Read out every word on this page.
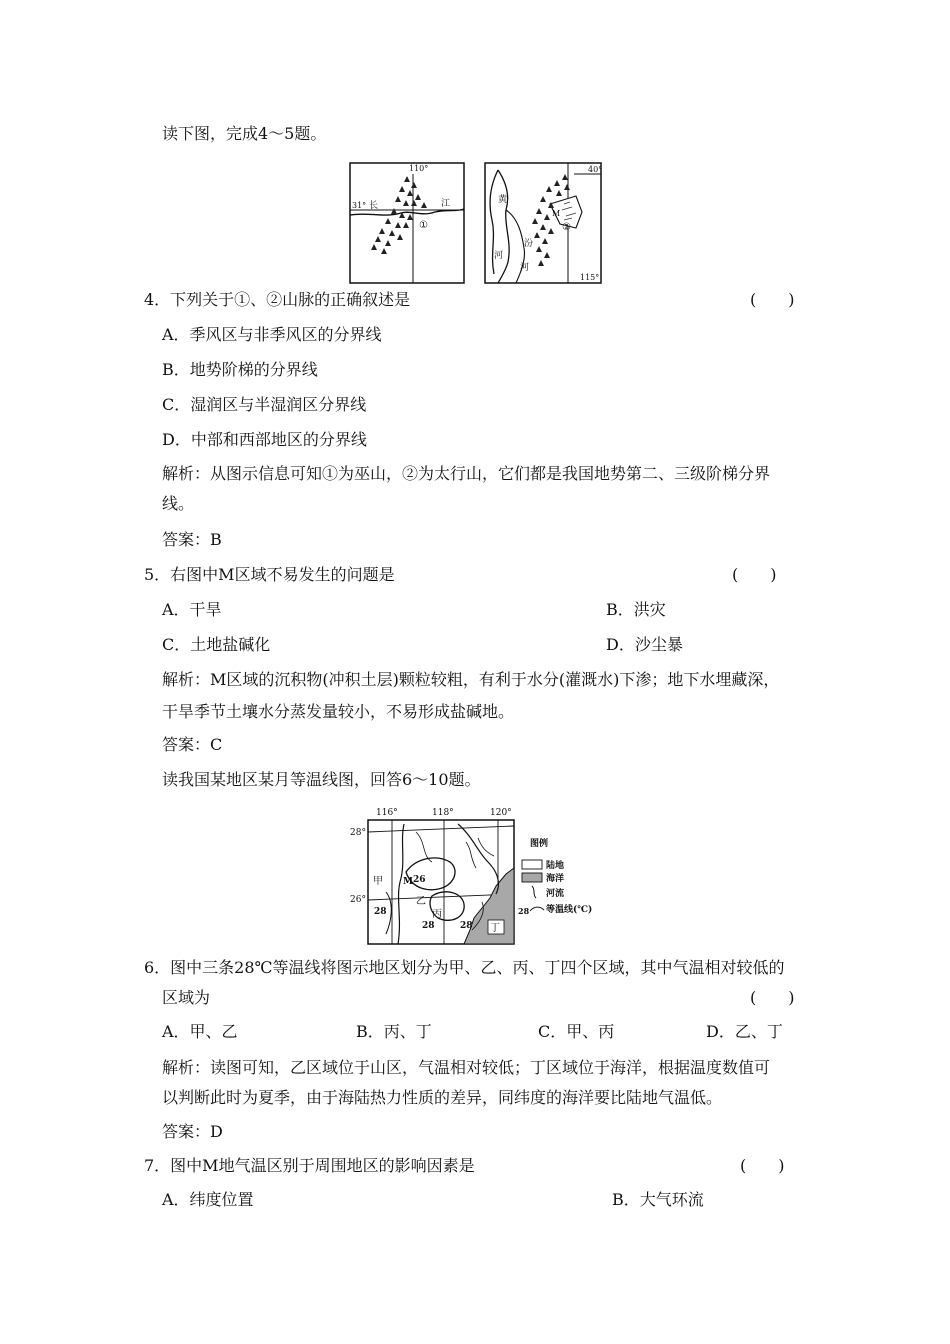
读下图，完成4～5题。
110°
31° 长	江
①
40°
115°
黄
河
汾
河
M
②
4．下列关于①、②山脉的正确叙述是	(　　)
A．季风区与非季风区的分界线
B．地势阶梯的分界线
C．湿润区与半湿润区分界线
D．中部和西部地区的分界线
解析：从图示信息可知①为巫山，②为太行山，它们都是我国地势第二、三级阶梯分界
线。
答案：B
5．右图中M区域不易发生的问题是	(　　)
A．干旱	B．洪灾
C．土地盐碱化	D．沙尘暴
解析：M区域的沉积物(冲积土层)颗粒较粗，有利于水分(灌溉水)下渗；地下水埋藏深，
干旱季节土壤水分蒸发量较小，不易形成盐碱地。
答案：C
读我国某地区某月等温线图，回答6～10题。
116°	118°	120°
28°
26°
甲 M 26
乙
丙
28
28	28 丁
图例
陆地
海洋
河流
28 等温线(℃)
6．图中三条28℃等温线将图示地区划分为甲、乙、丙、丁四个区域，其中气温相对较低的
区域为	(　　)
A．甲、乙	B．丙、丁	C．甲、丙	D．乙、丁
解析：读图可知，乙区域位于山区，气温相对较低；丁区域位于海洋，根据温度数值可
以判断此时为夏季，由于海陆热力性质的差异，同纬度的海洋要比陆地气温低。
答案：D
7．图中M地气温区别于周围地区的影响因素是	(　　)
A．纬度位置	B．大气环流
